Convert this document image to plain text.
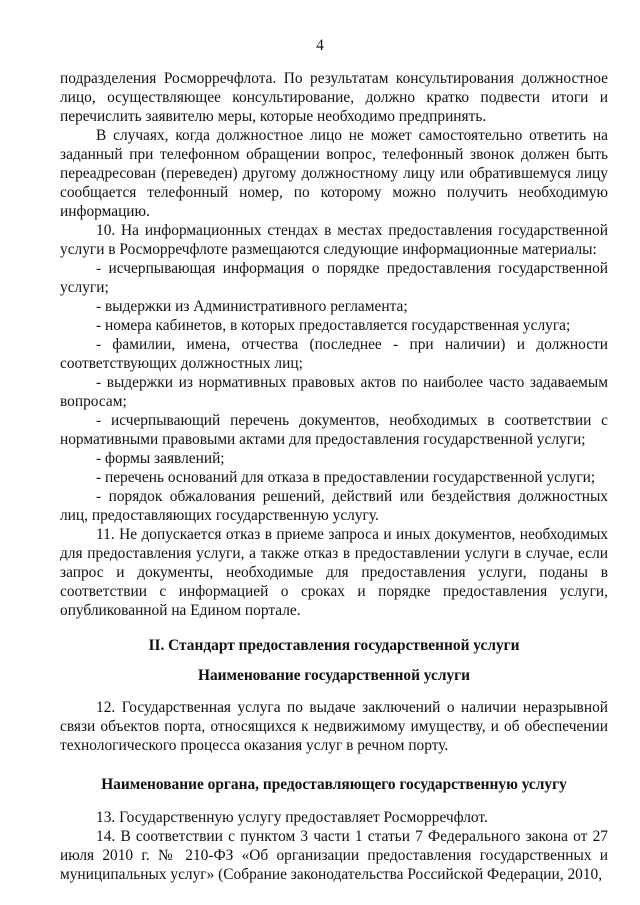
4

подразделения Росморречфлота. По результатам консультирования должностное лицо, осуществляющее консультирование, должно кратко подвести итоги и перечислить заявителю меры, которые необходимо предпринять.

В случаях, когда должностное лицо не может самостоятельно ответить на заданный при телефонном обращении вопрос, телефонный звонок должен быть переадресован (переведен) другому должностному лицу или обратившемуся лицу сообщается телефонный номер, по которому можно получить необходимую информацию.

10. На информационных стендах в местах предоставления государственной услуги в Росморречфлоте размещаются следующие информационные материалы:

- исчерпывающая информация о порядке предоставления государственной услуги;

- выдержки из Административного регламента;

- номера кабинетов, в которых предоставляется государственная услуга;

- фамилии, имена, отчества (последнее - при наличии) и должности соответствующих должностных лиц;

- выдержки из нормативных правовых актов по наиболее часто задаваемым вопросам;

- исчерпывающий перечень документов, необходимых в соответствии с нормативными правовыми актами для предоставления государственной услуги;

- формы заявлений;

- перечень оснований для отказа в предоставлении государственной услуги;

- порядок обжалования решений, действий или бездействия должностных лиц, предоставляющих государственную услугу.

11. Не допускается отказ в приеме запроса и иных документов, необходимых для предоставления услуги, а также отказ в предоставлении услуги в случае, если запрос и документы, необходимые для предоставления услуги, поданы в соответствии с информацией о сроках и порядке предоставления услуги, опубликованной на Едином портале.

II. Стандарт предоставления государственной услуги

Наименование государственной услуги

12. Государственная услуга по выдаче заключений о наличии неразрывной связи объектов порта, относящихся к недвижимому имуществу, и об обеспечении технологического процесса оказания услуг в речном порту.

Наименование органа, предоставляющего государственную услугу

13. Государственную услугу предоставляет Росморречфлот.

14. В соответствии с пунктом 3 части 1 статьи 7 Федерального закона от 27 июля 2010 г. № 210-ФЗ «Об организации предоставления государственных и муниципальных услуг» (Собрание законодательства Российской Федерации, 2010,
